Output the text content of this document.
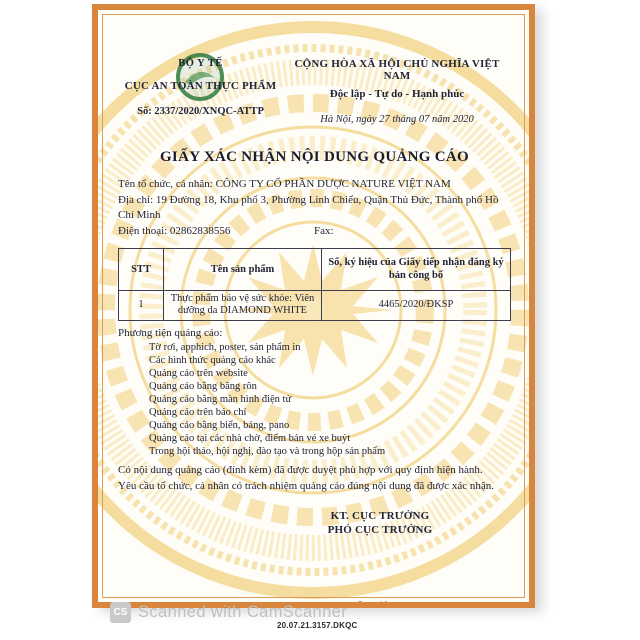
BỘ Y TẾ
CỤC AN TOÀN THỰC PHẨM
Số: 2337/2020/XNQC-ATTP
CỘNG HÒA XÃ HỘI CHỦ NGHĨA VIỆT NAM
Độc lập - Tự do - Hạnh phúc
Hà Nội, ngày 27 tháng 07 năm 2020
GIẤY XÁC NHẬN NỘI DUNG QUẢNG CÁO
Tên tổ chức, cá nhân: CÔNG TY CỔ PHẦN DƯỢC NATURE VIỆT NAM
Địa chỉ: 19 Đường 18, Khu phố 3, Phường Linh Chiểu, Quận Thủ Đức, Thành phố Hồ Chí Minh
Điện thoại: 02862838556	Fax:
STT	Tên sản phẩm	Số, ký hiệu của Giấy tiếp nhận đăng ký bản công bố
1	Thực phẩm bảo vệ sức khỏe: Viên dưỡng da DIAMOND WHITE	4465/2020/ĐKSP
Phương tiện quảng cáo:
Tờ rơi, apphich, poster, sản phẩm in
Các hình thức quảng cáo khác
Quảng cáo trên website
Quảng cáo bằng băng rôn
Quảng cáo bằng màn hình điện tử
Quảng cáo trên báo chí
Quảng cáo bằng biển, bảng, pano
Quảng cáo tại các nhà chờ, điểm bán vé xe buýt
Trong hội thảo, hội nghị, đào tạo và trong hộp sản phẩm
Có nội dung quảng cáo (đính kèm) đã được duyệt phù hợp với quy định hiện hành.
Yêu cầu tổ chức, cá nhân có trách nhiệm quảng cáo đúng nội dung đã được xác nhận.
KT. CỤC TRƯỞNG
PHÓ CỤC TRƯỞNG
Trần Việt Nga
CS Scanned with CamScanner
20.07.21.3157.DKQC
